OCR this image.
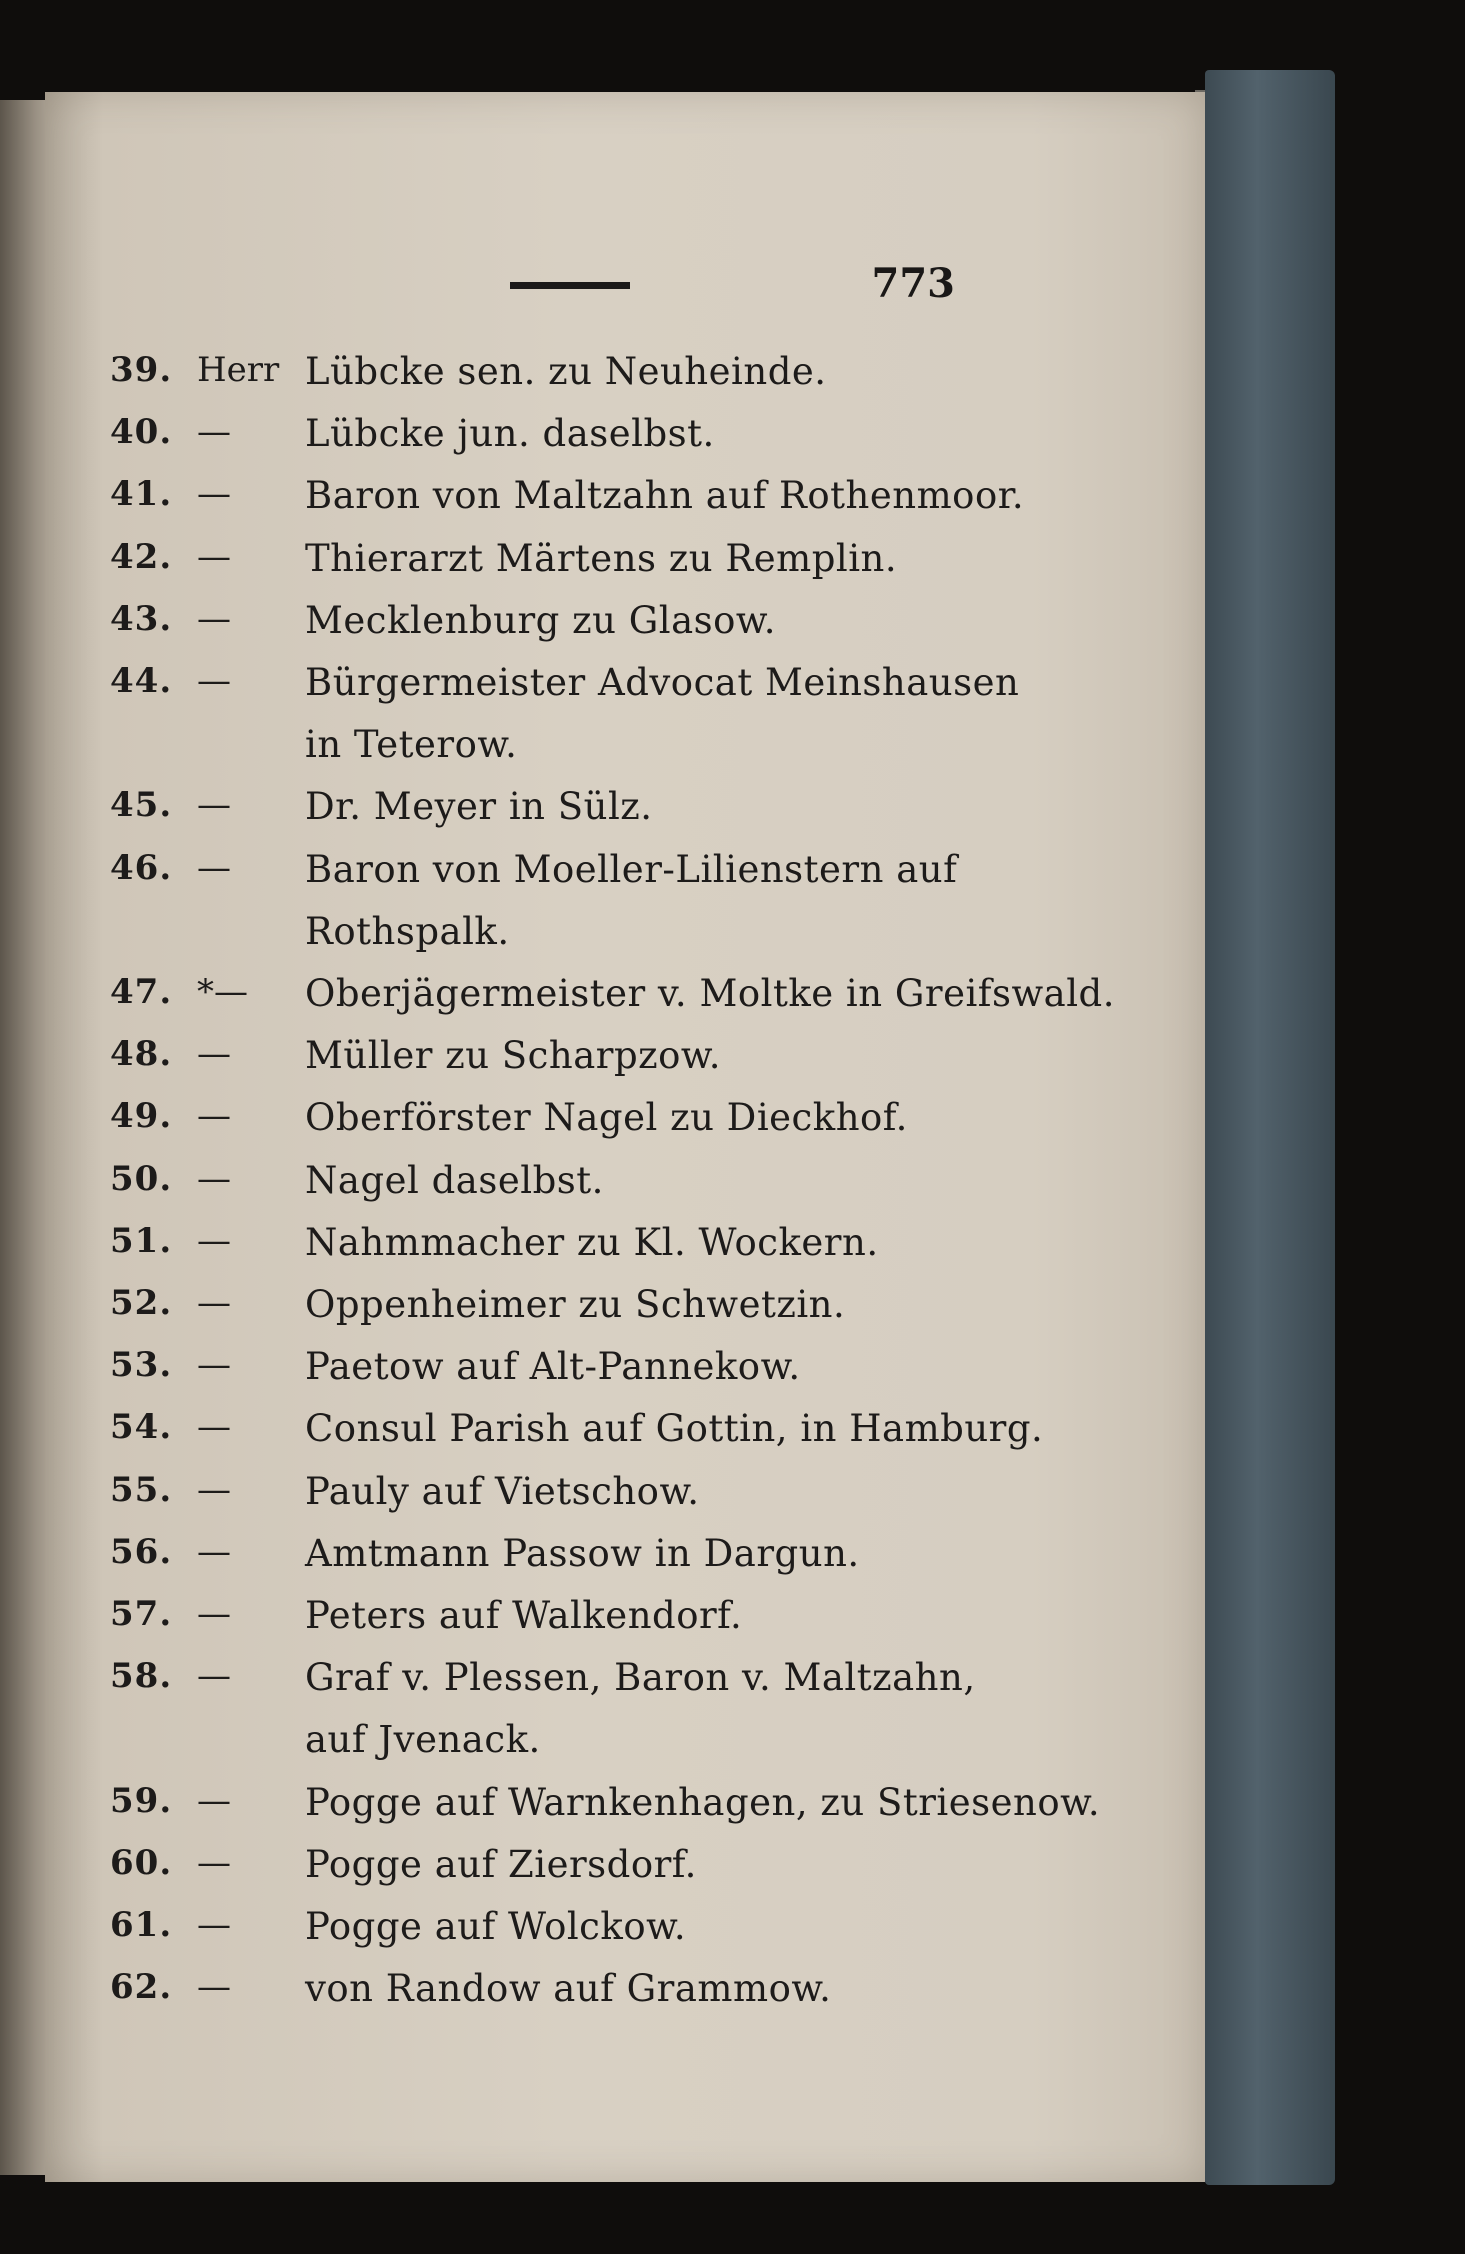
773
39. Herr Lübcke sen. zu Neuheinde.
40. —	Lübcke jun. daselbst.
41. —	Baron von Maltzahn auf Rothenmoor.
42. —	Thierarzt Märtens zu Remplin.
43. —	Mecklenburg zu Glasow.
44. —	Bürgermeister Advocat Meinshausen
in Teterow.
45. —	Dr. Meyer in Sülz.
46. —	Baron von Moeller-Lilienstern auf
Rothspalk.
47. *—	Oberjägermeister v. Moltke in Greifswald.
48. —	Müller zu Scharpzow.
49. —	Oberförster Nagel zu Dieckhof.
50. —	Nagel daselbst.
51. —	Nahmmacher zu Kl. Wockern.
52. —	Oppenheimer zu Schwetzin.
53. —	Paetow auf Alt-Pannekow.
54. —	Consul Parish auf Gottin, in Hamburg.
55. —	Pauly auf Vietschow.
56. —	Amtmann Passow in Dargun.
57. —	Peters auf Walkendorf.
58. —	Graf v. Plessen, Baron v. Maltzahn,
auf Jvenack.
59. —	Pogge auf Warnkenhagen, zu Striesenow.
60. —	Pogge auf Ziersdorf.
61. —	Pogge auf Wolckow.
62. —	von Randow auf Grammow.
